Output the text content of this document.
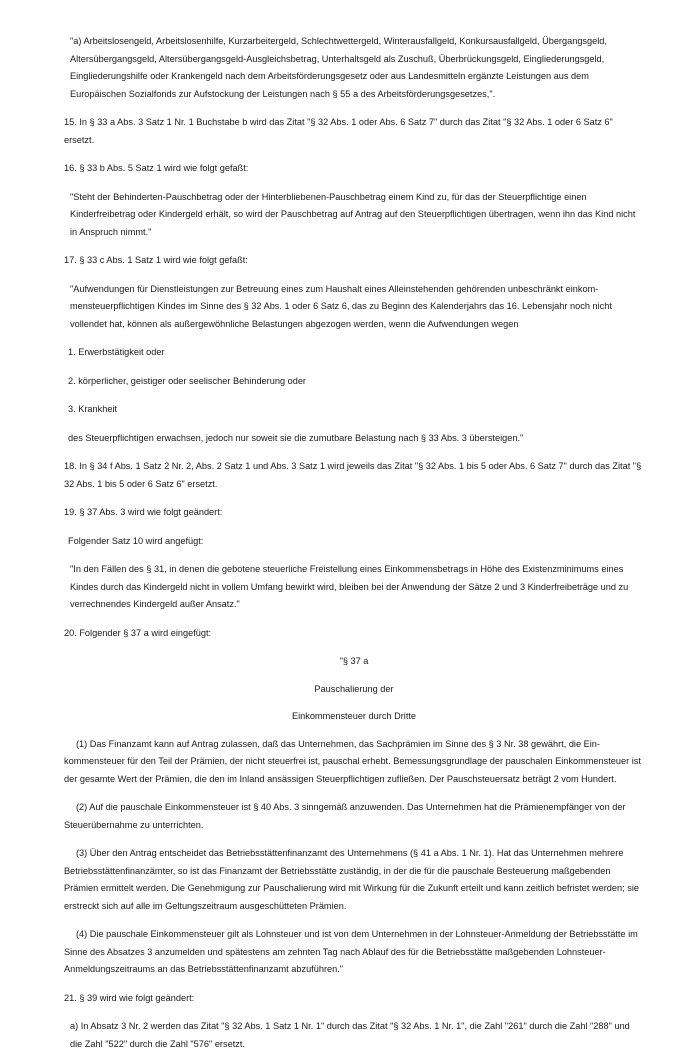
"a) Arbeitslosengeld, Arbeitslosenhilfe, Kurzarbeitergeld, Schlechtwettergeld, Winterausfallgeld, Konkursausfallgeld, Übergangsgeld, Altersübergangsgeld, Altersübergangsgeld-Ausgleichsbetrag, Unterhaltsgeld als Zuschuß, Überbrückungsgeld, Eingliederungsgeld, Eingliederungshilfe oder Krankengeld nach dem Arbeitsförderungsgesetz oder aus Landesmitteln ergänzte Leistungen aus dem Europäischen Sozialfonds zur Aufstockung der Leistungen nach § 55 a des Arbeitsförderungsgesetzes,".

15. In § 33 a Abs. 3 Satz 1 Nr. 1 Buchstabe b wird das Zitat "§ 32 Abs. 1 oder Abs. 6 Satz 7" durch das Zitat "§ 32 Abs. 1 oder 6 Satz 6" ersetzt.

16. § 33 b Abs. 5 Satz 1 wird wie folgt gefaßt:

"Steht der Behinderten-Pauschbetrag oder der Hinterbliebenen-Pauschbetrag einem Kind zu, für das der Steuerpflichtige einen Kinderfreibetrag oder Kindergeld erhält, so wird der Pauschbetrag auf Antrag auf den Steuerpflichtigen übertragen, wenn ihn das Kind nicht in Anspruch nimmt."

17. § 33 c Abs. 1 Satz 1 wird wie folgt gefaßt:

"Aufwendungen für Dienstleistungen zur Betreuung eines zum Haushalt eines Alleinstehenden gehörenden unbeschränkt einkommensteuerpflichtigen Kindes im Sinne des § 32 Abs. 1 oder 6 Satz 6, das zu Beginn des Kalenderjahrs das 16. Lebensjahr noch nicht vollendet hat, können als außergewöhnliche Belastungen abgezogen werden, wenn die Aufwendungen wegen

1. Erwerbstätigkeit oder

2. körperlicher, geistiger oder seelischer Behinderung oder

3. Krankheit

des Steuerpflichtigen erwachsen, jedoch nur soweit sie die zumutbare Belastung nach § 33 Abs. 3 übersteigen."

18. In § 34 f Abs. 1 Satz 2 Nr. 2, Abs. 2 Satz 1 und Abs. 3 Satz 1 wird jeweils das Zitat "§ 32 Abs. 1 bis 5 oder Abs. 6 Satz 7" durch das Zitat "§ 32 Abs. 1 bis 5 oder 6 Satz 6" ersetzt.

19. § 37 Abs. 3 wird wie folgt geändert:

Folgender Satz 10 wird angefügt:

"In den Fällen des § 31, in denen die gebotene steuerliche Freistellung eines Einkommensbetrags in Höhe des Existenzminimums eines Kindes durch das Kindergeld nicht in vollem Umfang bewirkt wird, bleiben bei der Anwendung der Sätze 2 und 3 Kinderfreibeträge und zu verrechnendes Kindergeld außer Ansatz."

20. Folgender § 37 a wird eingefügt:

"§ 37 a

Pauschalierung der

Einkommensteuer durch Dritte

(1) Das Finanzamt kann auf Antrag zulassen, daß das Unternehmen, das Sachprämien im Sinne des § 3 Nr. 38 gewährt, die Einkommensteuer für den Teil der Prämien, der nicht steuerfrei ist, pauschal erhebt. Bemessungsgrundlage der pauschalen Einkommensteuer ist der gesamte Wert der Prämien, die den im Inland ansässigen Steuerpflichtigen zufließen. Der Pauschsteuersatz beträgt 2 vom Hundert.

(2) Auf die pauschale Einkommensteuer ist § 40 Abs. 3 sinngemäß anzuwenden. Das Unternehmen hat die Prämienempfänger von der Steuerübernahme zu unterrichten.

(3) Über den Antrag entscheidet das Betriebsstättenfinanzamt des Unternehmens (§ 41 a Abs. 1 Nr. 1). Hat das Unternehmen mehrere Betriebsstättenfinanzämter, so ist das Finanzamt der Betriebsstätte zuständig, in der die für die pauschale Besteuerung maßgebenden Prämien ermittelt werden. Die Genehmigung zur Pauschalierung wird mit Wirkung für die Zukunft erteilt und kann zeitlich befristet werden; sie erstreckt sich auf alle im Geltungszeitraum ausgeschütteten Prämien.

(4) Die pauschale Einkommensteuer gilt als Lohnsteuer und ist von dem Unternehmen in der Lohnsteuer-Anmeldung der Betriebsstätte im Sinne des Absatzes 3 anzumelden und spätestens am zehnten Tag nach Ablauf des für die Betriebsstätte maßgebenden Lohnsteuer-Anmeldungszeitraums an das Betriebsstättenfinanzamt abzuführen."

21. § 39 wird wie folgt geändert:

a) In Absatz 3 Nr. 2 werden das Zitat "§ 32 Abs. 1 Satz 1 Nr. 1" durch das Zitat "§ 32 Abs. 1 Nr. 1", die Zahl "261" durch die Zahl "288" und die Zahl "522" durch die Zahl "576" ersetzt.
